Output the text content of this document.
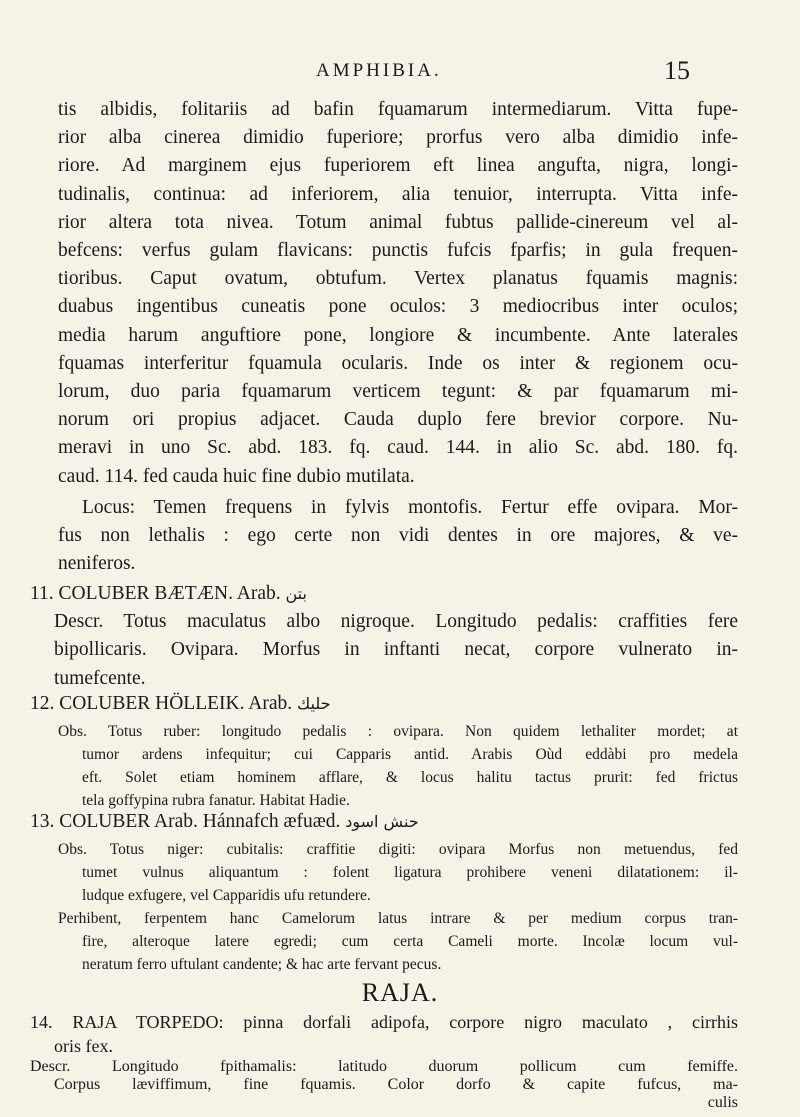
AMPHIBIA.	15
tis albidis, folitariis ad bafin fquamarum intermediarum. Vitta fupe-
rior alba cinerea dimidio fuperiore; prorfus vero alba dimidio infe-
riore. Ad marginem ejus fuperiorem eft linea angufta, nigra, longi-
tudinalis, continua: ad inferiorem, alia tenuior, interrupta. Vitta infe-
rior altera tota nivea. Totum animal fubtus pallide-cinereum vel al-
befcens: verfus gulam flavicans: punctis fufcis fparfis; in gula frequen-
tioribus. Caput ovatum, obtufum. Vertex planatus fquamis magnis:
duabus ingentibus cuneatis pone oculos: 3 mediocribus inter oculos;
media harum anguftiore pone, longiore & incumbente. Ante laterales
fquamas interferitur fquamula ocularis. Inde os inter & regionem ocu-
lorum, duo paria fquamarum verticem tegunt: & par fquamarum mi-
norum ori propius adjacet. Cauda duplo fere brevior corpore. Nu-
meravi in uno Sc. abd. 183. fq. caud. 144. in alio Sc. abd. 180. fq.
caud. 114. fed cauda huic fine dubio mutilata.
Locus: Temen frequens in fylvis montofis. Fertur effe ovipara. Mor-
fus non lethalis : ego certe non vidi dentes in ore majores, & ve-
neniferos.
11. COLUBER BÆTÆN. Arab. بتن
Descr. Totus maculatus albo nigroque. Longitudo pedalis: craffities fere
bipollicaris. Ovipara. Morfus in inftanti necat, corpore vulnerato in-
tumefcente.
12. COLUBER HÖLLEIK. Arab. حليك
Obs. Totus ruber: longitudo pedalis : ovipara. Non quidem lethaliter mordet; at
tumor ardens infequitur; cui Capparis antid. Arabis Oùd eddàbi pro medela
eft. Solet etiam hominem afflare, & locus halitu tactus prurit: fed frictus
tela goffypina rubra fanatur. Habitat Hadie.
13. COLUBER Arab. Hánnafch æfuæd. حنش اسود
Obs. Totus niger: cubitalis: craffitie digiti: ovipara Morfus non metuendus, fed
tumet vulnus aliquantum : folent ligatura prohibere veneni dilatationem: il-
ludque exfugere, vel Capparidis ufu retundere.
Perhibent, ferpentem hanc Camelorum latus intrare & per medium corpus tran-
fire, alteroque latere egredi; cum certa Cameli morte. Incolæ locum vul-
neratum ferro uftulant candente; & hac arte fervant pecus.
RAJA.
14. RAJA TORPEDO: pinna dorfali adipofa, corpore nigro maculato , cirrhis
oris fex.
Descr. Longitudo fpithamalis: latitudo duorum pollicum cum femiffe.
Corpus læviffimum, fine fquamis. Color dorfo & capite fufcus, ma-
culis
